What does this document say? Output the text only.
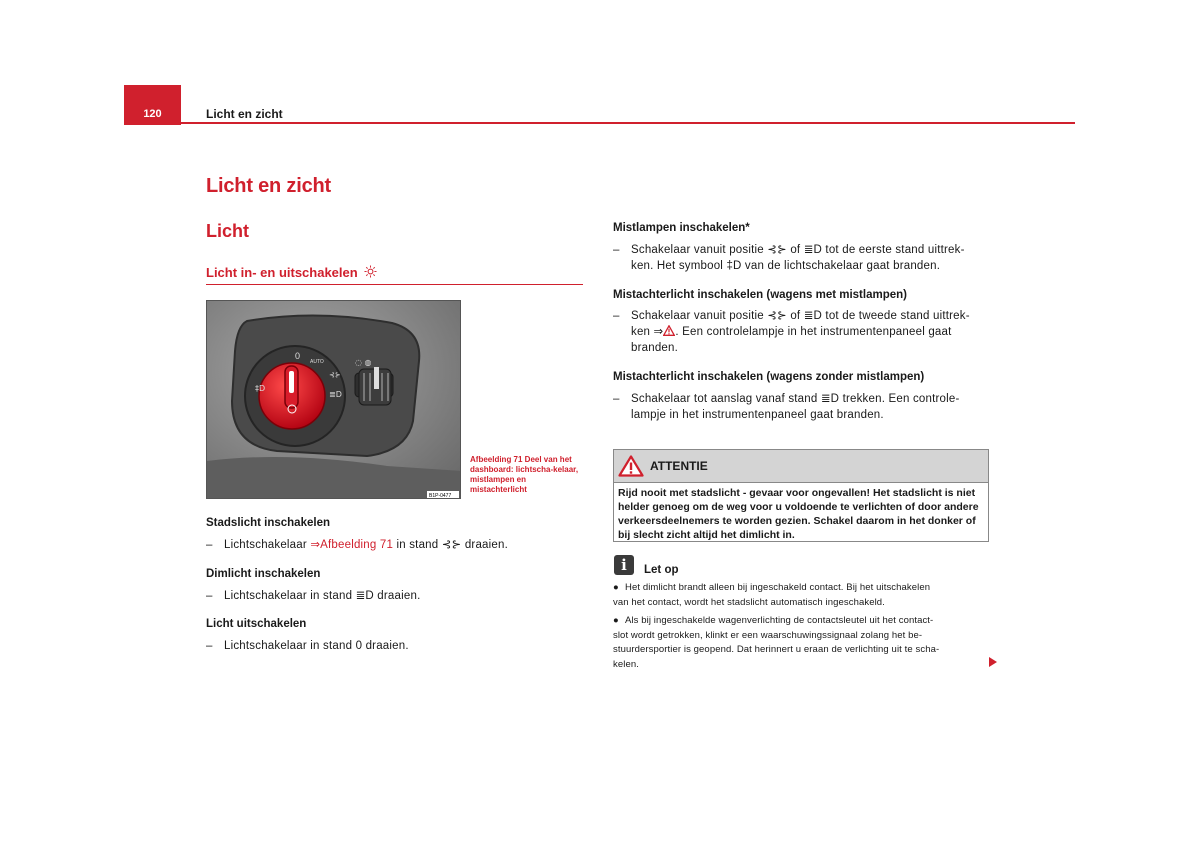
120	Licht en zicht
Licht en zicht
Licht
Licht in- en uitschakelen
0
AUTO
⊰⊱
≣D
‡D
◌ ◍
B1P-0477
Afbeelding 71 Deel van het dashboard: lichtscha-kelaar, mistlampen en mistachterlicht
Stadslicht inschakelen
– Lichtschakelaar ⇒Afbeelding 71 in stand ⊰⊱ draaien.
Dimlicht inschakelen
– Lichtschakelaar in stand ≣D draaien.
Licht uitschakelen
– Lichtschakelaar in stand 0 draaien.
Mistlampen inschakelen*
– Schakelaar vanuit positie ⊰⊱ of ≣D tot de eerste stand uittrek-
ken. Het symbool ‡D van de lichtschakelaar gaat branden.
Mistachterlicht inschakelen (wagens met mistlampen)
– Schakelaar vanuit positie ⊰⊱ of ≣D tot de tweede stand uittrek-
ken ⇒ . Een controlelampje in het instrumentenpaneel gaat
branden.
Mistachterlicht inschakelen (wagens zonder mistlampen)
– Schakelaar tot aanslag vanaf stand ≣D trekken. Een controle-
lampje in het instrumentenpaneel gaat branden.
ATTENTIE
Rijd nooit met stadslicht - gevaar voor ongevallen! Het stadslicht is niet
helder genoeg om de weg voor u voldoende te verlichten of door andere
verkeersdeelnemers te worden gezien. Schakel daarom in het donker of
bij slecht zicht altijd het dimlicht in.
i	Let op
● Het dimlicht brandt alleen bij ingeschakeld contact. Bij het uitschakelen
van het contact, wordt het stadslicht automatisch ingeschakeld.
● Als bij ingeschakelde wagenverlichting de contactsleutel uit het contact-
slot wordt getrokken, klinkt er een waarschuwingssignaal zolang het be-
stuurdersportier is geopend. Dat herinnert u eraan de verlichting uit te scha-
kelen.
